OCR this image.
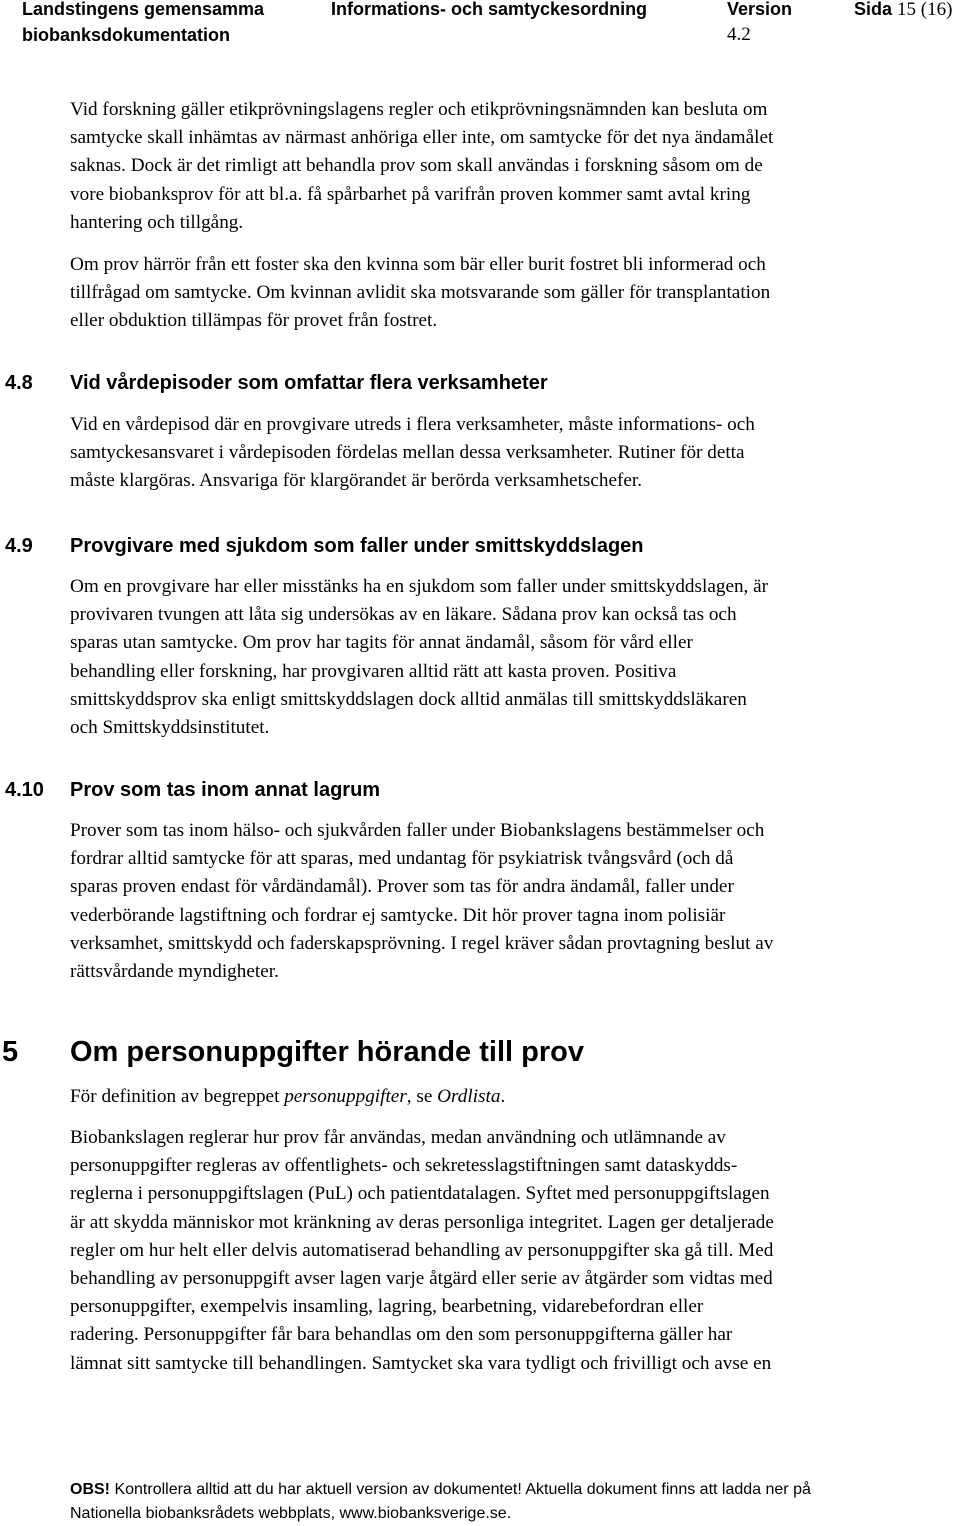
Landstingens gemensamma
biobanksdokumentation
Informations- och samtyckesordning	Version
4.2
Sida 15 (16)
Vid forskning gäller etikprövningslagens regler och etikprövningsnämnden kan besluta om
samtycke skall inhämtas av närmast anhöriga eller inte, om samtycke för det nya ändamålet
saknas. Dock är det rimligt att behandla prov som skall användas i forskning såsom om de
vore biobanksprov för att bl.a. få spårbarhet på varifrån proven kommer samt avtal kring
hantering och tillgång.
Om prov härrör från ett foster ska den kvinna som bär eller burit fostret bli informerad och
tillfrågad om samtycke. Om kvinnan avlidit ska motsvarande som gäller för transplantation
eller obduktion tillämpas för provet från fostret.
4.8 Vid vårdepisoder som omfattar flera verksamheter
Vid en vårdepisod där en provgivare utreds i flera verksamheter, måste informations- och
samtyckesansvaret i vårdepisoden fördelas mellan dessa verksamheter. Rutiner för detta
måste klargöras. Ansvariga för klargörandet är berörda verksamhetschefer.
4.9 Provgivare med sjukdom som faller under smittskyddslagen
Om en provgivare har eller misstänks ha en sjukdom som faller under smittskyddslagen, är
provivaren tvungen att låta sig undersökas av en läkare. Sådana prov kan också tas och
sparas utan samtycke. Om prov har tagits för annat ändamål, såsom för vård eller
behandling eller forskning, har provgivaren alltid rätt att kasta proven. Positiva
smittskyddsprov ska enligt smittskyddslagen dock alltid anmälas till smittskyddsläkaren
och Smittskyddsinstitutet.
4.10 Prov som tas inom annat lagrum
Prover som tas inom hälso- och sjukvården faller under Biobankslagens bestämmelser och
fordrar alltid samtycke för att sparas, med undantag för psykiatrisk tvångsvård (och då
sparas proven endast för vårdändamål). Prover som tas för andra ändamål, faller under
vederbörande lagstiftning och fordrar ej samtycke. Dit hör prover tagna inom polisiär
verksamhet, smittskydd och faderskapsprövning. I regel kräver sådan provtagning beslut av
rättsvårdande myndigheter.
5 Om personuppgifter hörande till prov

För definition av begreppet personuppgifter, se Ordlista.

Biobankslagen reglerar hur prov får användas, medan användning och utlämnande av
personuppgifter regleras av offentlighets- och sekretesslagstiftningen samt dataskydds-
reglerna i personuppgiftslagen (PuL) och patientdatalagen. Syftet med personuppgiftslagen
är att skydda människor mot kränkning av deras personliga integritet. Lagen ger detaljerade
regler om hur helt eller delvis automatiserad behandling av personuppgifter ska gå till. Med
behandling av personuppgift avser lagen varje åtgärd eller serie av åtgärder som vidtas med
personuppgifter, exempelvis insamling, lagring, bearbetning, vidarebefordran eller
radering. Personuppgifter får bara behandlas om den som personuppgifterna gäller har
lämnat sitt samtycke till behandlingen. Samtycket ska vara tydligt och frivilligt och avse en
OBS! Kontrollera alltid att du har aktuell version av dokumentet! Aktuella dokument finns att ladda ner på
Nationella biobanksrådets webbplats, www.biobanksverige.se.
